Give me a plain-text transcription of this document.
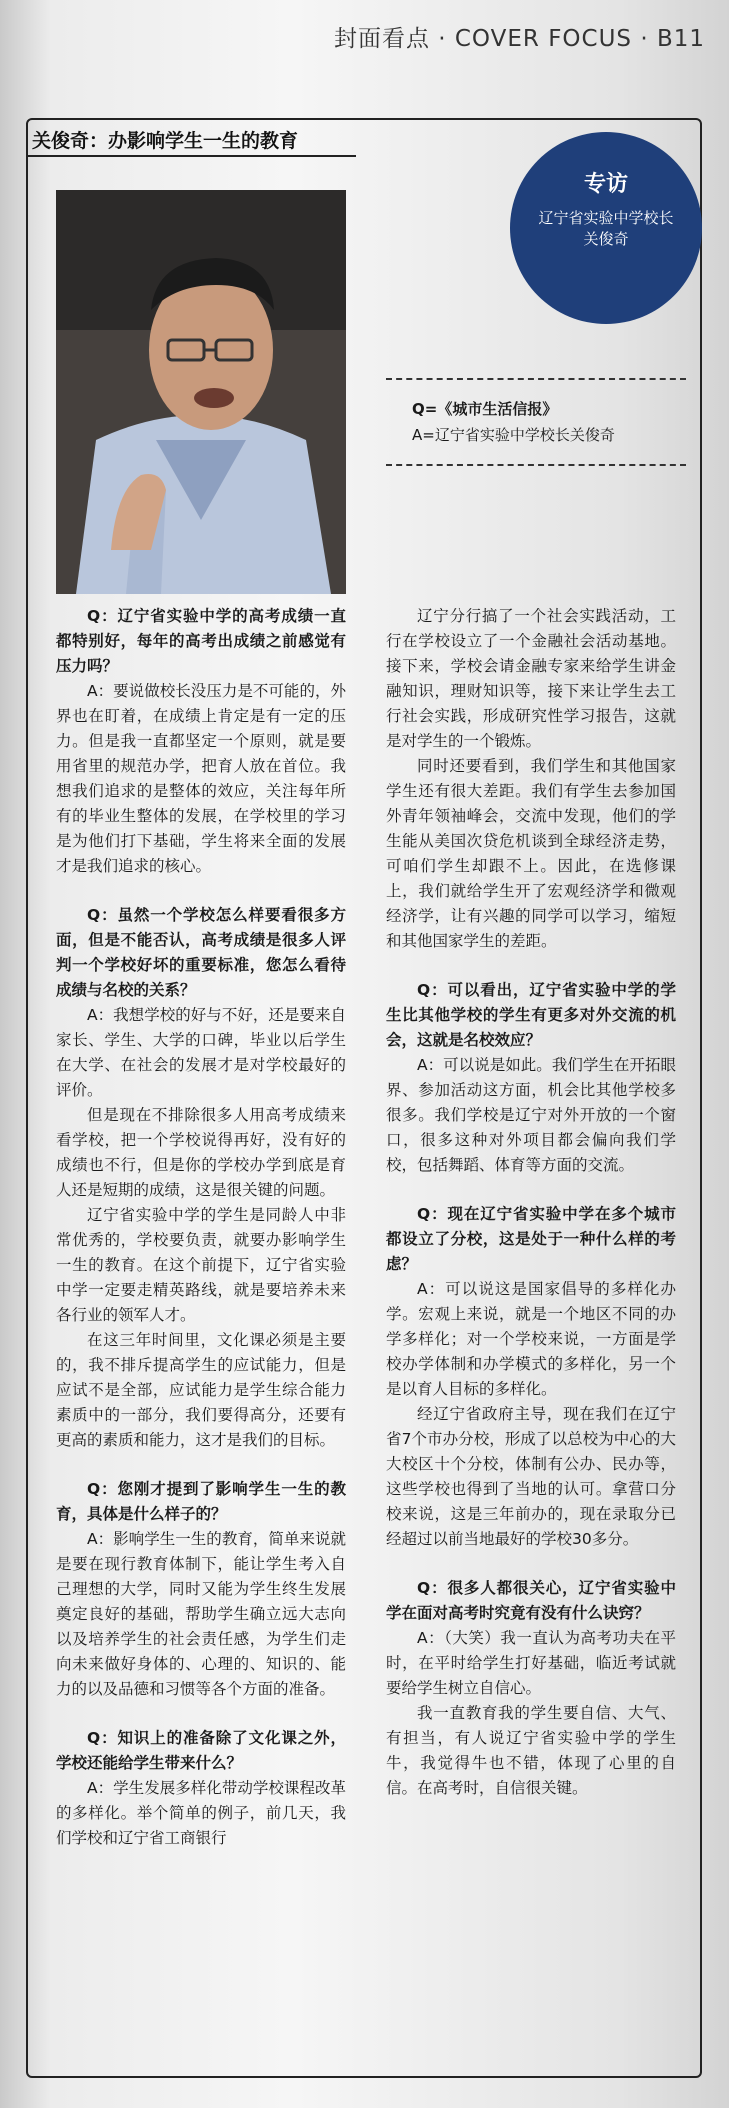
封面看点 · COVER FOCUS · B11
关俊奇：办影响学生一生的教育
专访
辽宁省实验中学校长
关俊奇
Q=《城市生活信报》
A=辽宁省实验中学校长关俊奇

Q：辽宁省实验中学的高考成绩一直都特别好，每年的高考出成绩之前感觉有压力吗？

A：要说做校长没压力是不可能的，外界也在盯着，在成绩上肯定是有一定的压力。但是我一直都坚定一个原则，就是要用省里的规范办学，把育人放在首位。我想我们追求的是整体的效应，关注每年所有的毕业生整体的发展，在学校里的学习是为他们打下基础，学生将来全面的发展才是我们追求的核心。

Q：虽然一个学校怎么样要看很多方面，但是不能否认，高考成绩是很多人评判一个学校好坏的重要标准，您怎么看待成绩与名校的关系？

A：我想学校的好与不好，还是要来自家长、学生、大学的口碑，毕业以后学生在大学、在社会的发展才是对学校最好的评价。

但是现在不排除很多人用高考成绩来看学校，把一个学校说得再好，没有好的成绩也不行，但是你的学校办学到底是育人还是短期的成绩，这是很关键的问题。

辽宁省实验中学的学生是同龄人中非常优秀的，学校要负责，就要办影响学生一生的教育。在这个前提下，辽宁省实验中学一定要走精英路线，就是要培养未来各行业的领军人才。

在这三年时间里，文化课必须是主要的，我不排斥提高学生的应试能力，但是应试不是全部，应试能力是学生综合能力素质中的一部分，我们要得高分，还要有更高的素质和能力，这才是我们的目标。

Q：您刚才提到了影响学生一生的教育，具体是什么样子的？

A：影响学生一生的教育，简单来说就是要在现行教育体制下，能让学生考入自己理想的大学，同时又能为学生终生发展奠定良好的基础，帮助学生确立远大志向以及培养学生的社会责任感，为学生们走向未来做好身体的、心理的、知识的、能力的以及品德和习惯等各个方面的准备。

Q：知识上的准备除了文化课之外，学校还能给学生带来什么？

A：学生发展多样化带动学校课程改革的多样化。举个简单的例子，前几天，我们学校和辽宁省工商银行

辽宁分行搞了一个社会实践活动，工行在学校设立了一个金融社会活动基地。接下来，学校会请金融专家来给学生讲金融知识，理财知识等，接下来让学生去工行社会实践，形成研究性学习报告，这就是对学生的一个锻炼。

同时还要看到，我们学生和其他国家学生还有很大差距。我们有学生去参加国外青年领袖峰会，交流中发现，他们的学生能从美国次贷危机谈到全球经济走势，可咱们学生却跟不上。因此，在选修课上，我们就给学生开了宏观经济学和微观经济学，让有兴趣的同学可以学习，缩短和其他国家学生的差距。

Q：可以看出，辽宁省实验中学的学生比其他学校的学生有更多对外交流的机会，这就是名校效应？

A：可以说是如此。我们学生在开拓眼界、参加活动这方面，机会比其他学校多很多。我们学校是辽宁对外开放的一个窗口，很多这种对外项目都会偏向我们学校，包括舞蹈、体育等方面的交流。

Q：现在辽宁省实验中学在多个城市都设立了分校，这是处于一种什么样的考虑？

A：可以说这是国家倡导的多样化办学。宏观上来说，就是一个地区不同的办学多样化；对一个学校来说，一方面是学校办学体制和办学模式的多样化，另一个是以育人目标的多样化。

经辽宁省政府主导，现在我们在辽宁省7个市办分校，形成了以总校为中心的大大校区十个分校，体制有公办、民办等，这些学校也得到了当地的认可。拿营口分校来说，这是三年前办的，现在录取分已经超过以前当地最好的学校30多分。

Q：很多人都很关心，辽宁省实验中学在面对高考时究竟有没有什么诀窍？

A：（大笑）我一直认为高考功夫在平时，在平时给学生打好基础，临近考试就要给学生树立自信心。

我一直教育我的学生要自信、大气、有担当，有人说辽宁省实验中学的学生牛，我觉得牛也不错，体现了心里的自信。在高考时，自信很关键。
